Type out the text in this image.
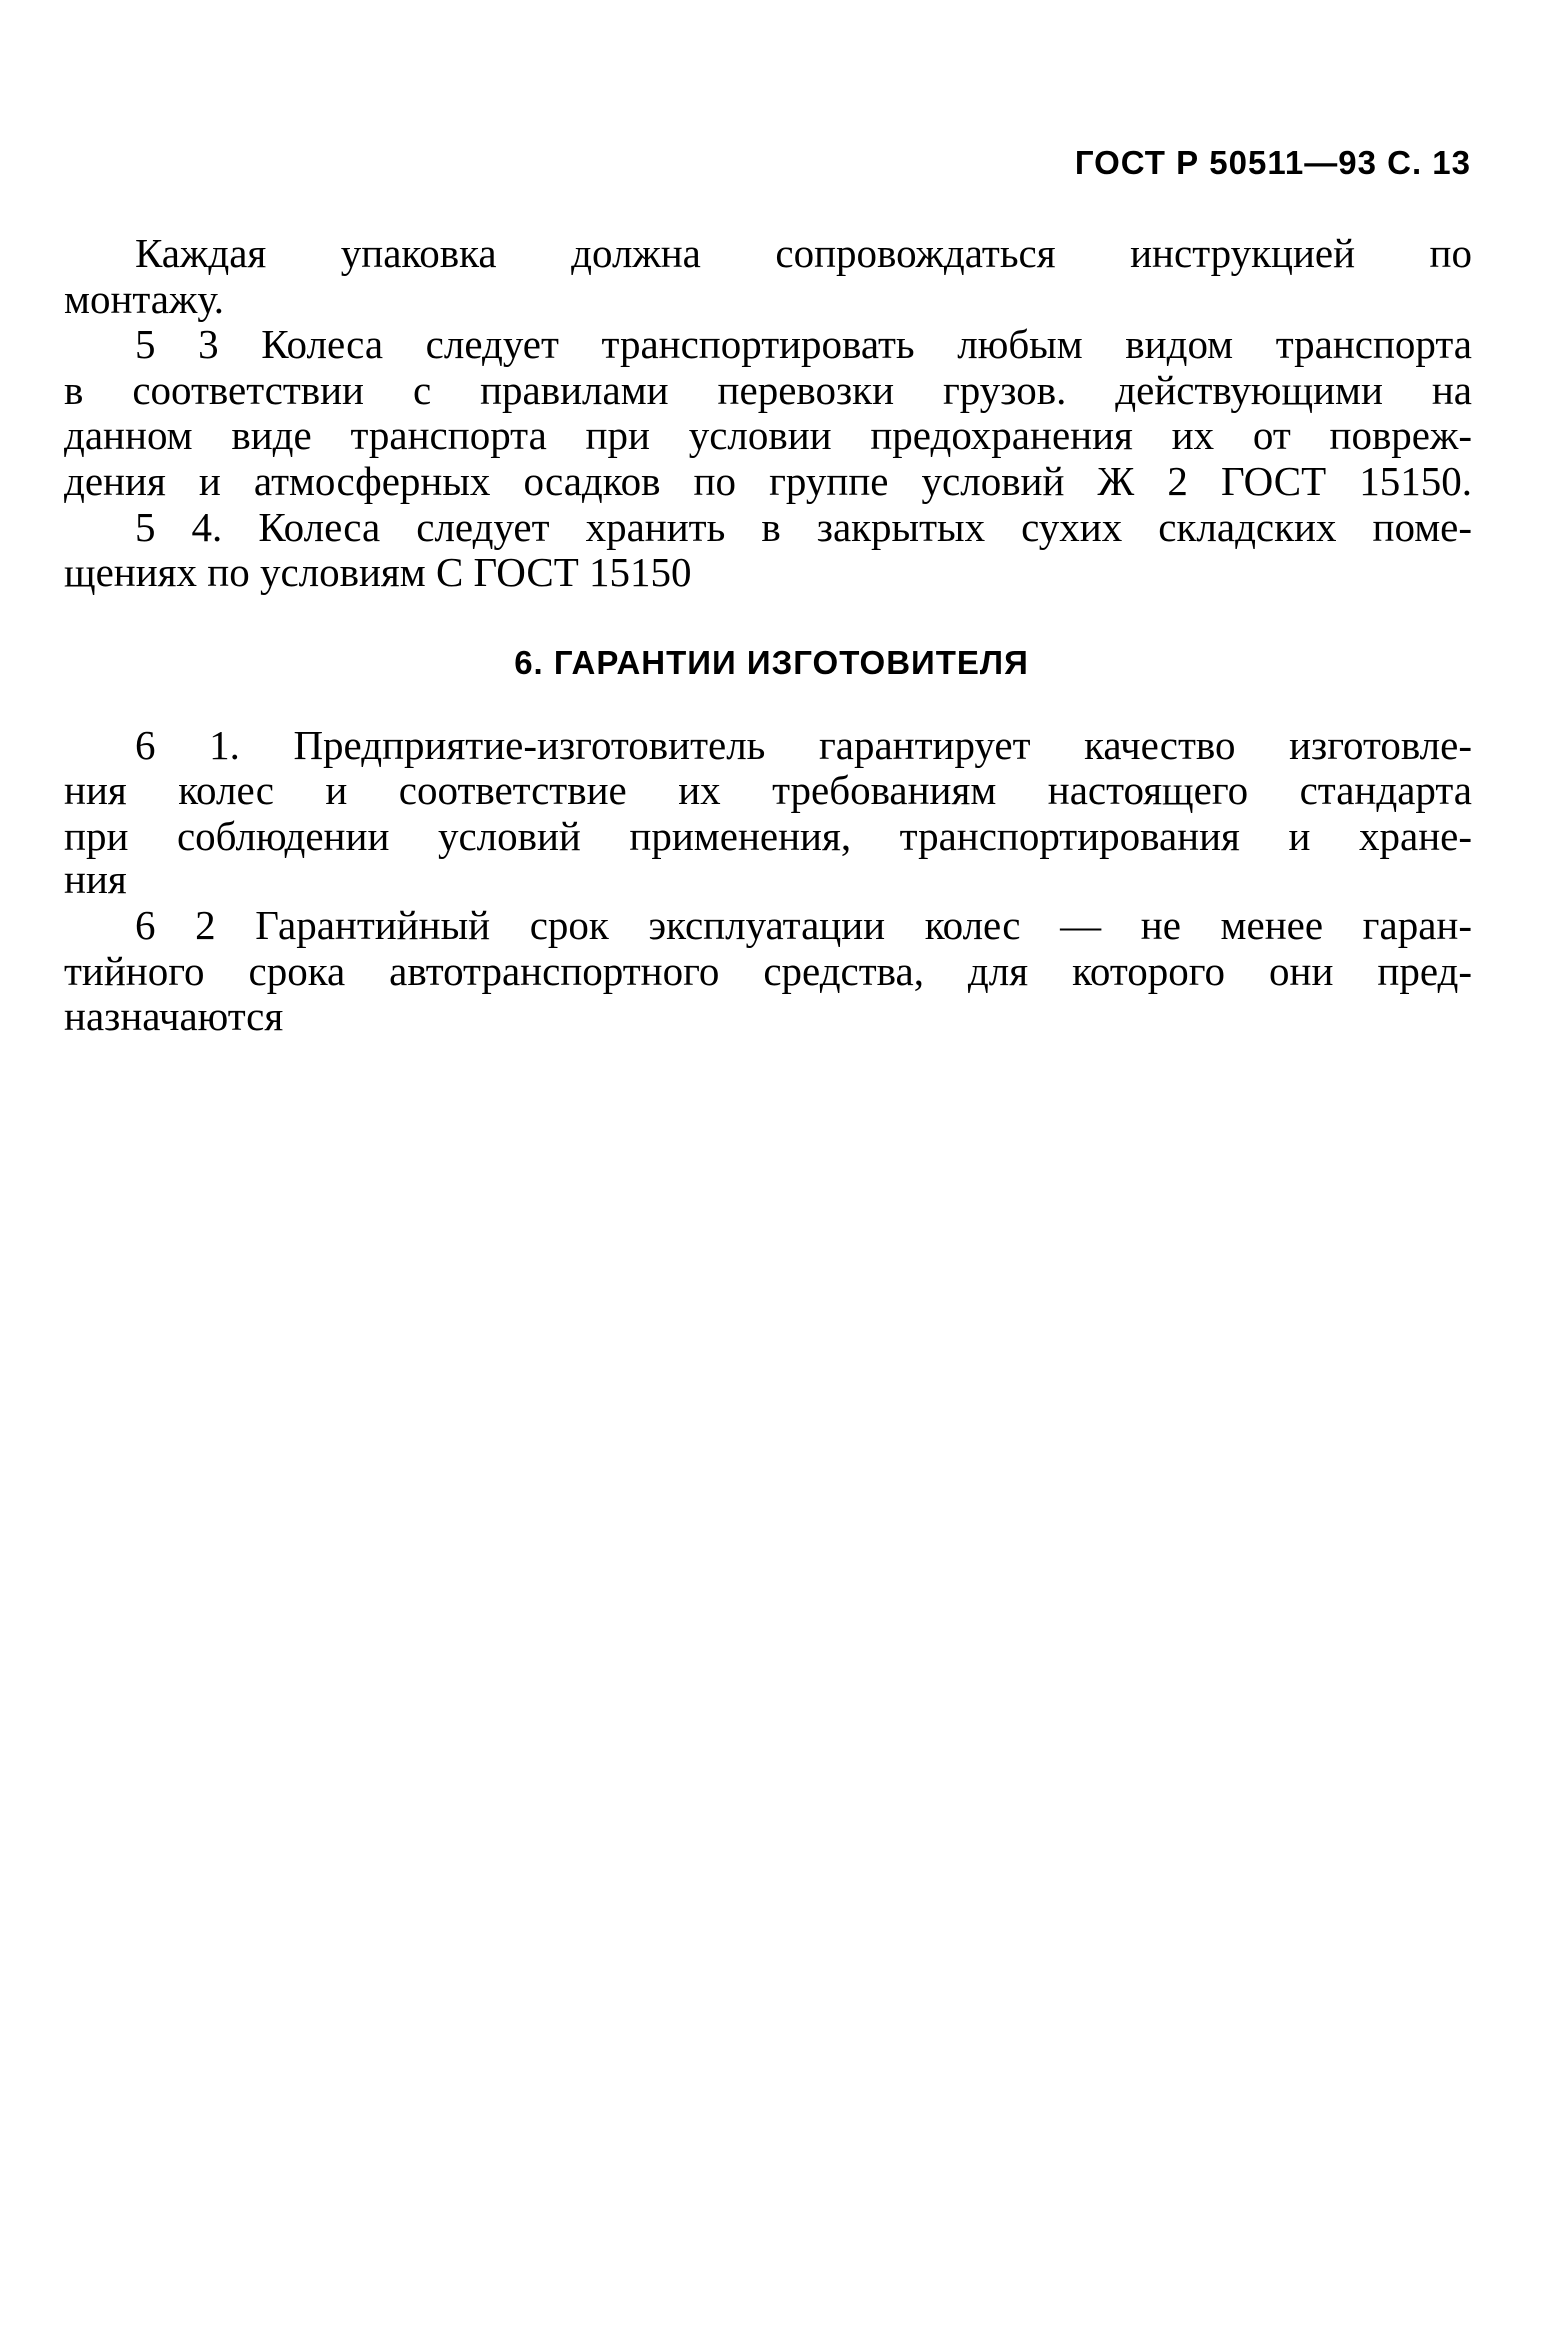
ГОСТ Р 50511—93 С. 13
Каждая упаковка должна сопровождаться инструкцией по
монтажу.
5 3 Колеса следует транспортировать любым видом транспорта
в соответствии с правилами перевозки грузов. действующими на
данном виде транспорта при условии предохранения их от повреж-
дения и атмосферных осадков по группе условий Ж 2 ГОСТ 15150.
5 4. Колеса следует хранить в закрытых сухих складских поме-
щениях по условиям С ГОСТ 15150
6. ГАРАНТИИ ИЗГОТОВИТЕЛЯ
6 1. Предприятие-изготовитель гарантирует качество изготовле-
ния колес и соответствие их требованиям настоящего стандарта
при соблюдении условий применения, транспортирования и хране-
ния
6 2 Гарантийный срок эксплуатации колес — не менее гаран-
тийного срока автотранспортного средства, для которого они пред-
назначаются
